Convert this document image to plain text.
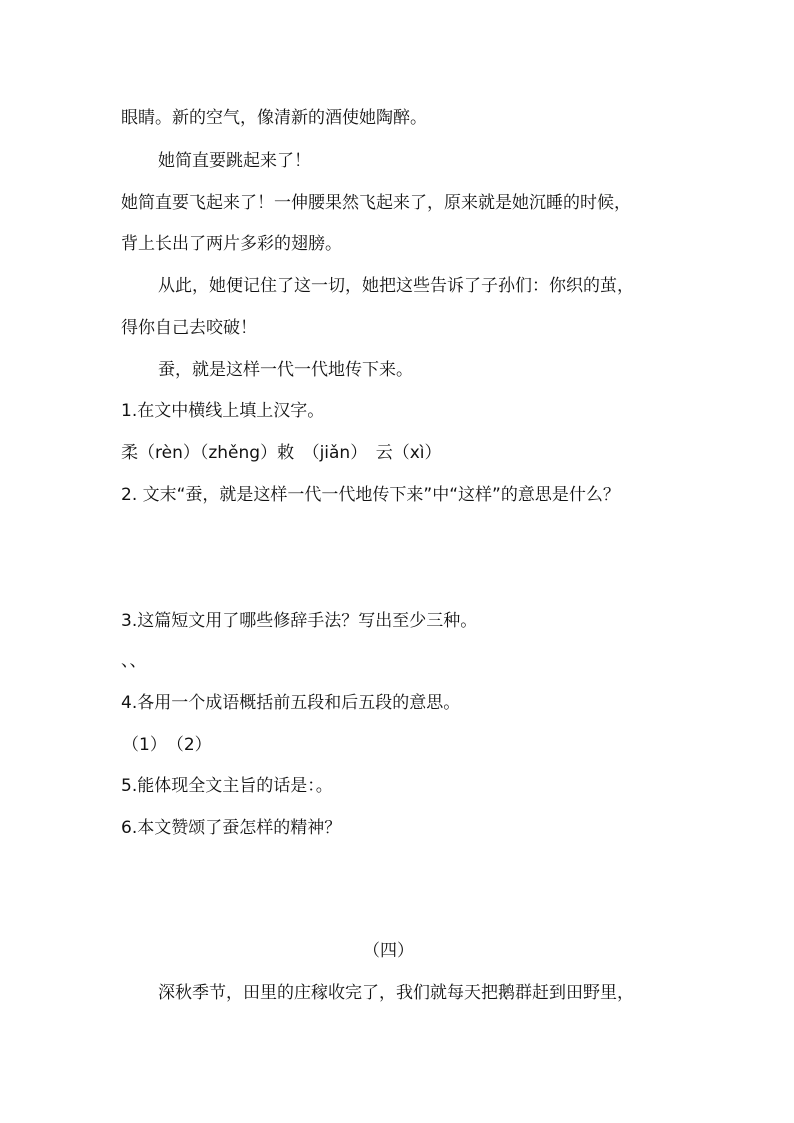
眼睛。新的空气，像清新的酒使她陶醉。
她简直要跳起来了！
她简直要飞起来了！一伸腰果然飞起来了，原来就是她沉睡的时候，
背上长出了两片多彩的翅膀。
从此，她便记住了这一切，她把这些告诉了子孙们：你织的茧，
得你自己去咬破！
蚕，就是这样一代一代地传下来。
1.在文中横线上填上汉字。
柔（rèn）（zhěng）敕　（jiǎn）　云（xì）
2. 文末“蚕，就是这样一代一代地传下来”中“这样”的意思是什么？
3.这篇短文用了哪些修辞手法？写出至少三种。
、、
4.各用一个成语概括前五段和后五段的意思。
（1）　（2）
5.能体现全文主旨的话是：。
6.本文赞颂了蚕怎样的精神？
（四）
深秋季节，田里的庄稼收完了，我们就每天把鹅群赶到田野里，
